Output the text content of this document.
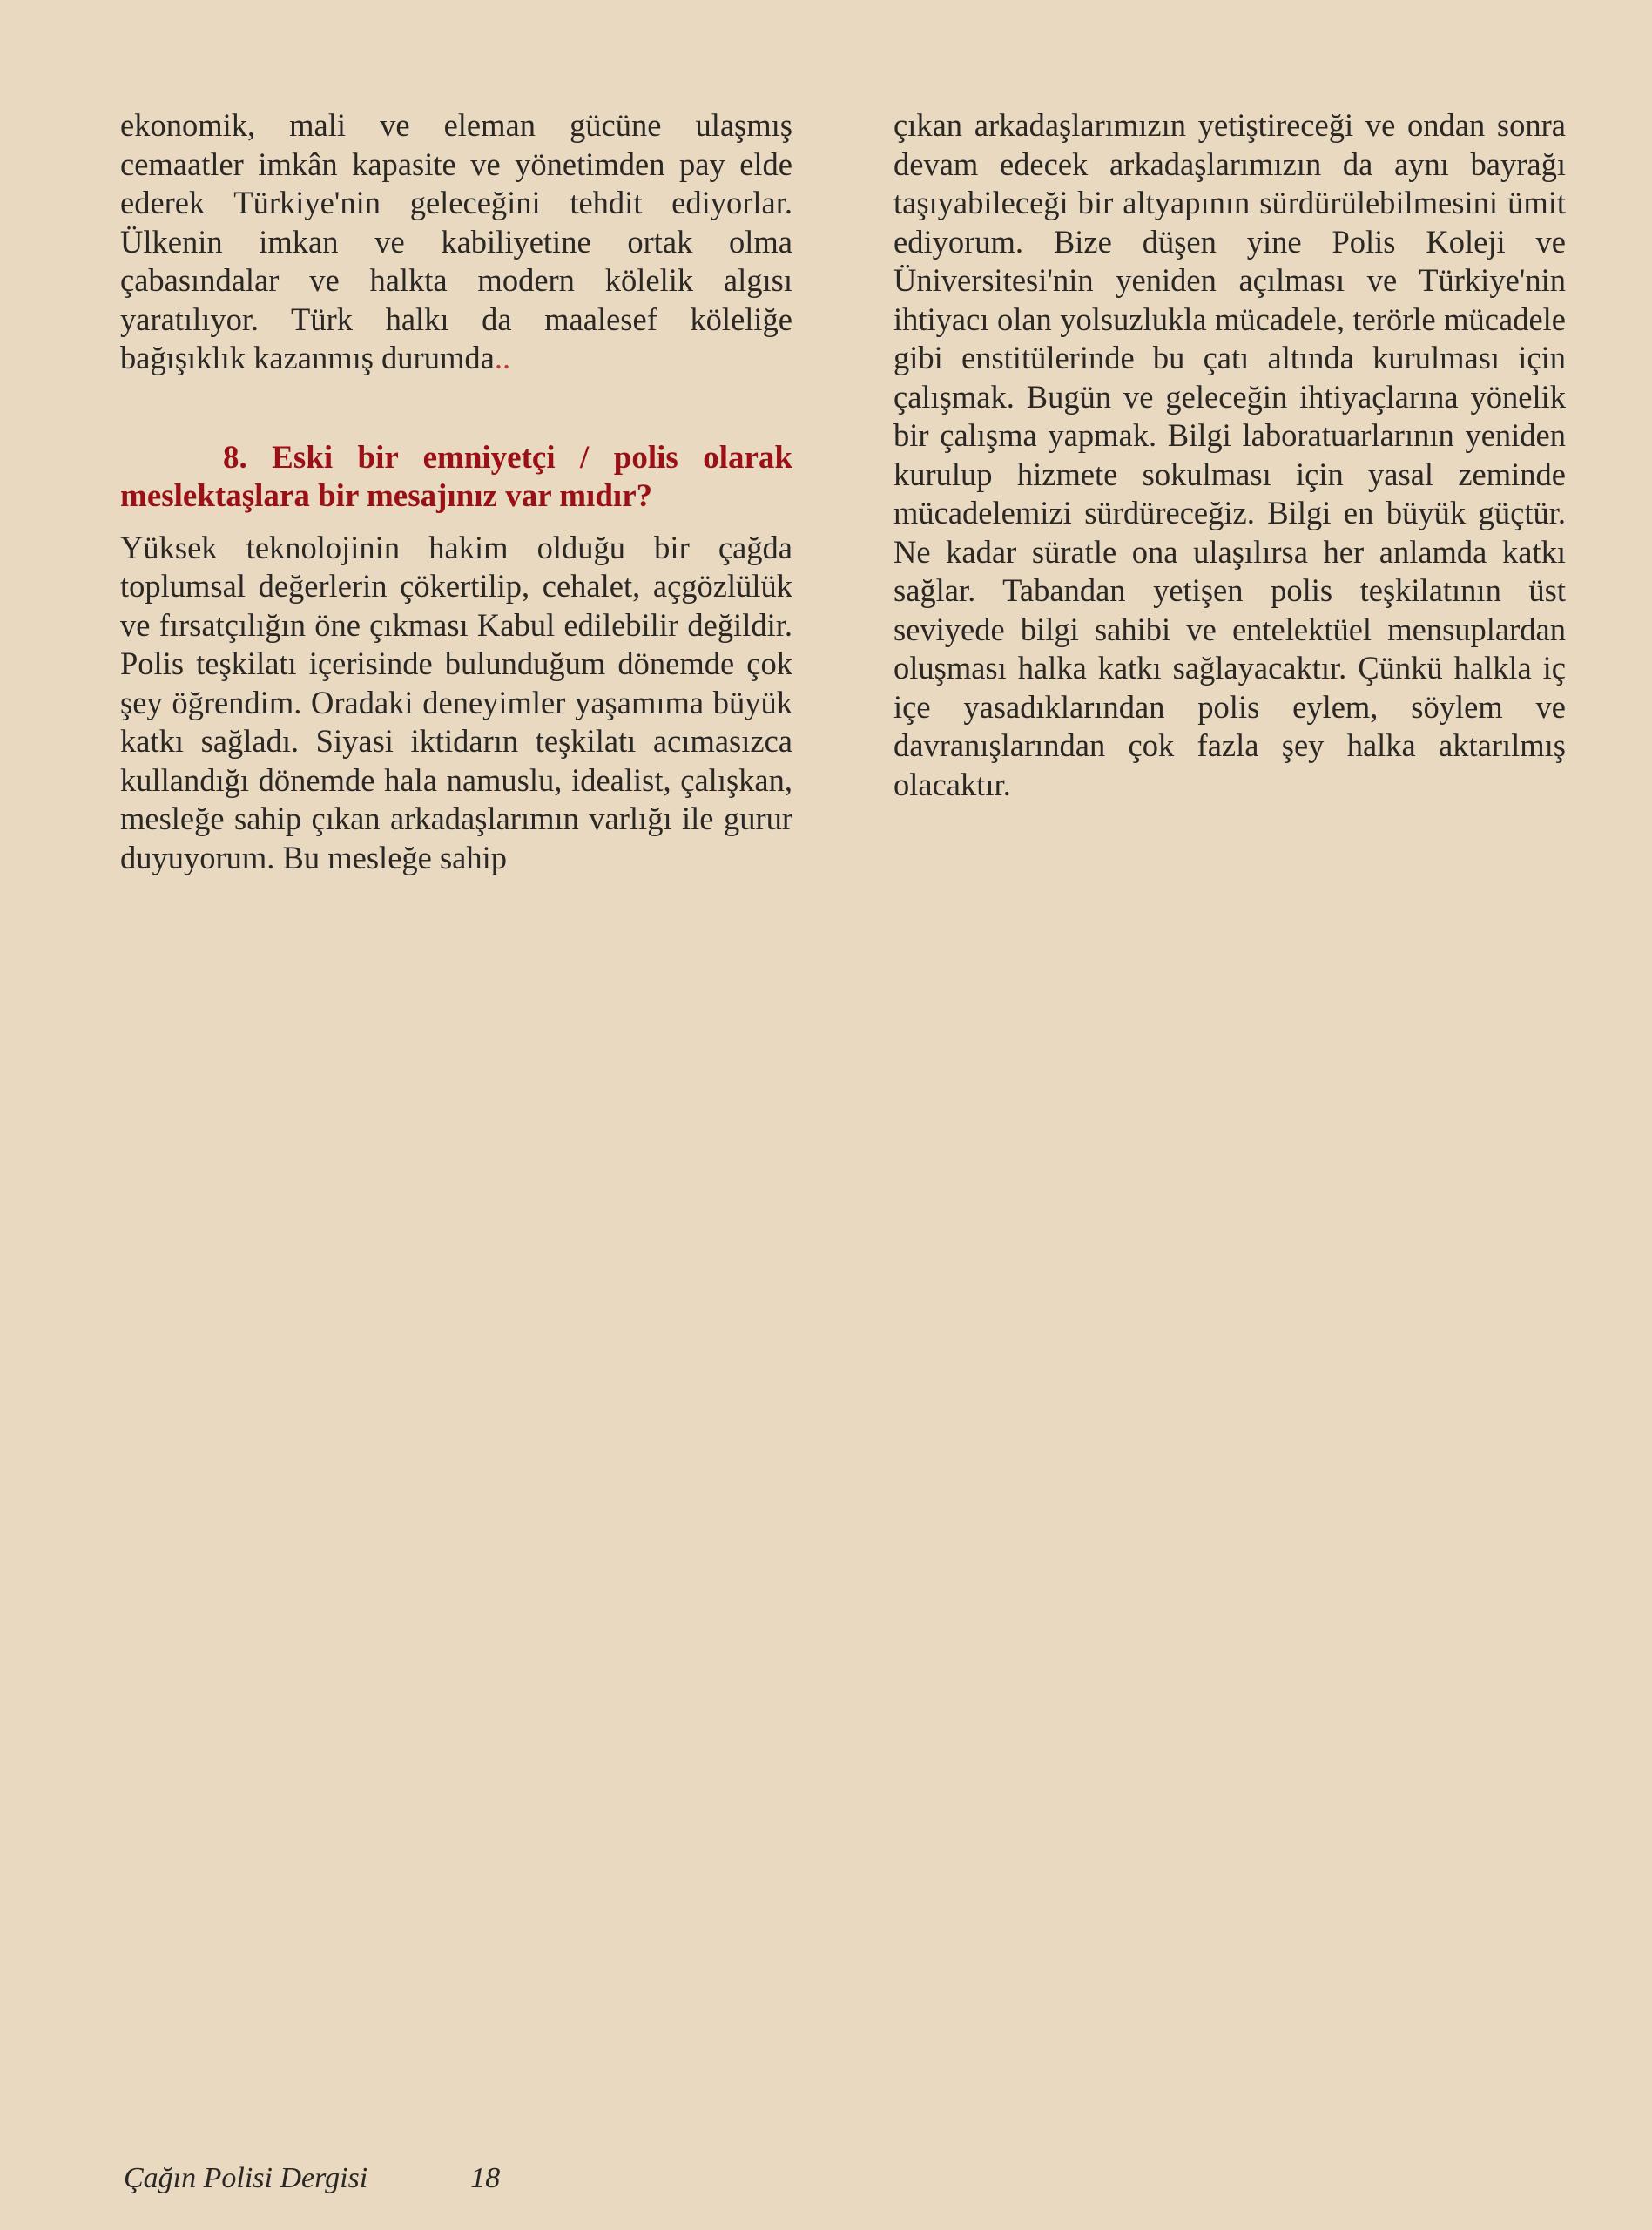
ekonomik, mali ve eleman gücüne ulaşmış cemaatler imkân kapasite ve yönetimden pay elde ederek Türkiye'nin geleceğini tehdit ediyorlar. Ülkenin imkan ve kabiliyetine ortak olma çabasındalar ve halkta modern kölelik algısı yaratılıyor. Türk halkı da maalesef köleliğe bağışıklık kazanmış durumda..

8. Eski bir emniyetçi / polis olarak meslektaşlara bir mesajınız var mıdır?

Yüksek teknolojinin hakim olduğu bir çağda toplumsal değerlerin çökertilip, cehalet, açgözlülük ve fırsatçılığın öne çıkması Kabul edilebilir değildir. Polis teşkilatı içerisinde bulunduğum dönemde çok şey öğrendim. Oradaki deneyimler yaşamıma büyük katkı sağladı. Siyasi iktidarın teşkilatı acımasızca kullandığı dönemde hala namuslu, idealist, çalışkan, mesleğe sahip çıkan arkadaşlarımın varlığı ile gurur duyuyorum. Bu mesleğe sahip

çıkan arkadaşlarımızın yetiştireceği ve ondan sonra devam edecek arkadaşlarımızın da aynı bayrağı taşıyabileceği bir altyapının sürdürülebilmesini ümit ediyorum. Bize düşen yine Polis Koleji ve Üniversitesi'nin yeniden açılması ve Türkiye'nin ihtiyacı olan yolsuzlukla mücadele, terörle mücadele gibi enstitülerinde bu çatı altında kurulması için çalışmak. Bugün ve geleceğin ihtiyaçlarına yönelik bir çalışma yapmak. Bilgi laboratuarlarının yeniden kurulup hizmete sokulması için yasal zeminde mücadelemizi sürdüreceğiz. Bilgi en büyük güçtür. Ne kadar süratle ona ulaşılırsa her anlamda katkı sağlar. Tabandan yetişen polis teşkilatının üst seviyede bilgi sahibi ve entelektüel mensuplardan oluşması halka katkı sağlayacaktır. Çünkü halkla iç içe yasadıklarından polis eylem, söylem ve davranışlarından çok fazla şey halka aktarılmış olacaktır.

Çağın Polisi Dergisi	18
